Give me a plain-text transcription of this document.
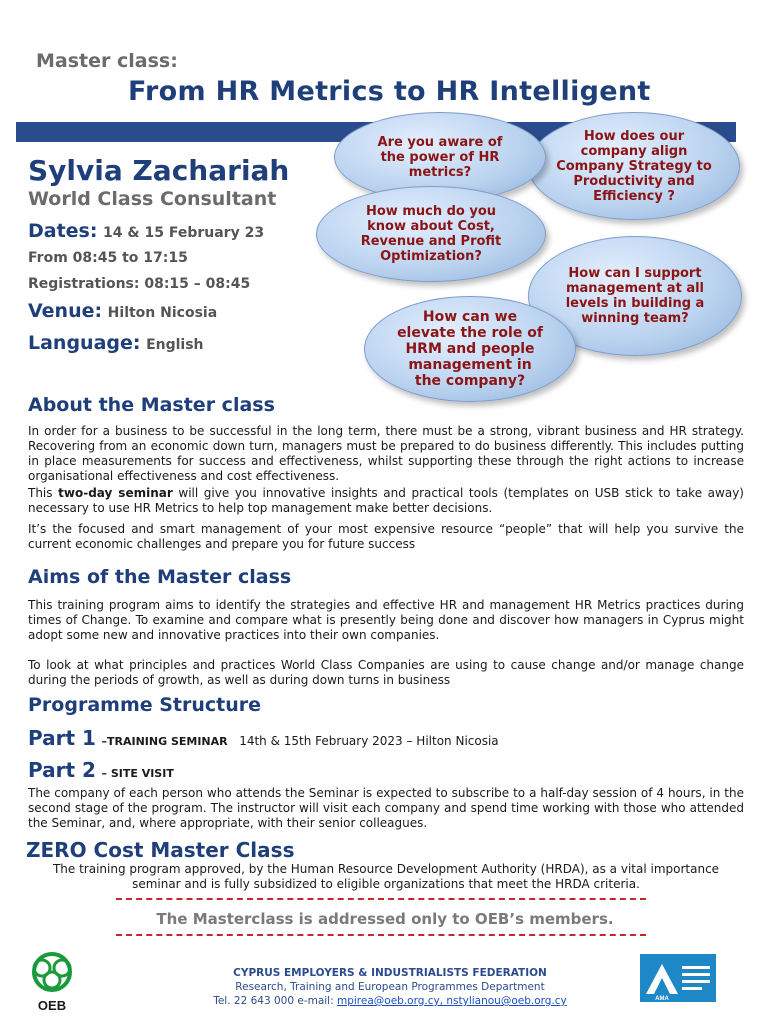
Master class:
From HR Metrics to HR Intelligent
Sylvia Zachariah
World Class Consultant
Dates: 14 & 15 February 23
From 08:45 to 17:15
Registrations: 08:15 – 08:45
Venue: Hilton Nicosia
Language: English
How does our company align Company Strategy to Productivity and Efficiency ?
Are you aware of the power of HR metrics?
How can I support management at all levels in building a winning team?
How much do you know about Cost, Revenue and Profit Optimization?
How can we elevate the role of HRM and people management in the company?
About the Master class
In order for a business to be successful in the long term, there must be a strong, vibrant business and HR strategy. Recovering from an economic down turn, managers must be prepared to do business differently. This includes putting in place measurements for success and effectiveness, whilst supporting these through the right actions to increase organisational effectiveness and cost effectiveness.
This two-day seminar will give you innovative insights and practical tools (templates on USB stick to take away) necessary to use HR Metrics to help top management make better decisions.
It’s the focused and smart management of your most expensive resource “people” that will help you survive the current economic challenges and prepare you for future success
Aims of the Master class
This training program aims to identify the strategies and effective HR and management HR Metrics practices during times of Change. To examine and compare what is presently being done and discover how managers in Cyprus might adopt some new and innovative practices into their own companies.
To look at what principles and practices World Class Companies are using to cause change and/or manage change during the periods of growth, as well as during down turns in business
Programme Structure
Part 1 –TRAINING SEMINAR 14th & 15th February 2023 – Hilton Nicosia
Part 2 – SITE VISIT
The company of each person who attends the Seminar is expected to subscribe to a half-day session of 4 hours, in the second stage of the program. The instructor will visit each company and spend time working with those who attended the Seminar, and, where appropriate, with their senior colleagues.
ZERO Cost Master Class
The training program approved, by the Human Resource Development Authority (HRDA), as a vital importance seminar and is fully subsidized to eligible organizations that meet the HRDA criteria.
The Masterclass is addressed only to OEB’s members.
OEB
CYPRUS EMPLOYERS & INDUSTRIALISTS FEDERATION
Research, Training and European Programmes Department
Tel. 22 643 000 e-mail: mpirea@oeb.org.cy, nstylianou@oeb.org.cy	AMA
